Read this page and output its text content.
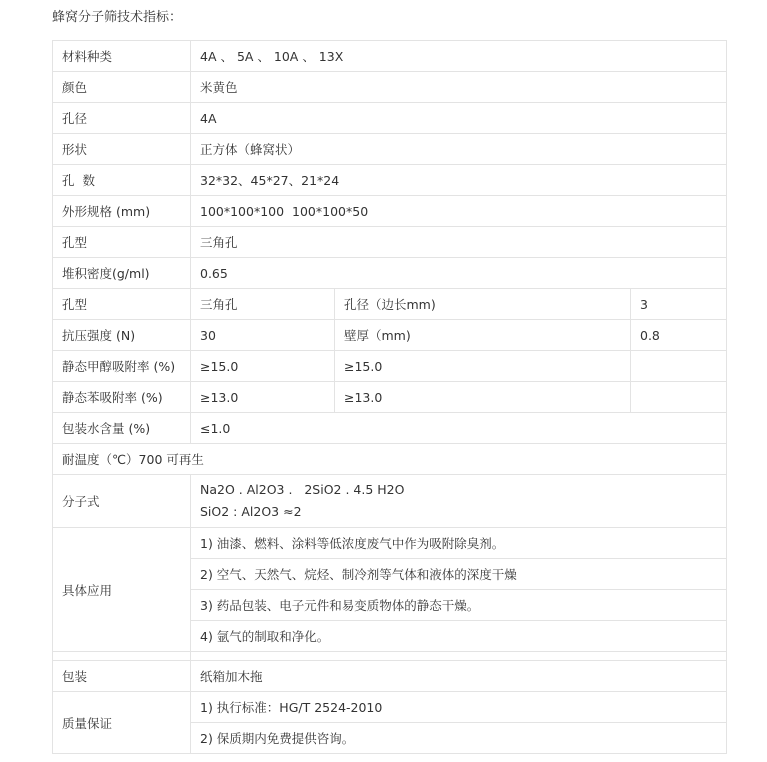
蜂窝分子筛技术指标：
材料种类	4A 、 5A 、 10A 、 13X		
颜色	米黄色		
孔径	4A		
形状	正方体（蜂窝状）		
孔  数	32*32、45*27、21*24		
外形规格 (mm)	100*100*100  100*100*50		
孔型	三角孔		
堆积密度(g/ml)	0.65		
孔型	三角孔	孔径（边长mm)	3
抗压强度 (N)	30	壁厚（mm)	0.8
静态甲醇吸附率 (%)	≥15.0	≥15.0	
静态苯吸附率 (%)	≥13.0	≥13.0	
包装水含量 (%)	≤1.0		
耐温度（℃）700 可再生			
分子式	Na2O . Al2O3 .   2SiO2 . 4.5 H2O
SiO2 : Al2O3 ≈2		

具体应用	1) 油漆、燃料、涂料等低浓度废气中作为吸附除臭剂。		
	2) 空气、天然气、烷烃、制冷剂等气体和液体的深度干燥		
	3) 药品包装、电子元件和易变质物体的静态干燥。		
	4) 氩气的制取和净化。		

包装	纸箱加木拖		
质量保证	1) 执行标准：HG/T 2524-2010		
	2) 保质期内免费提供咨询。		
